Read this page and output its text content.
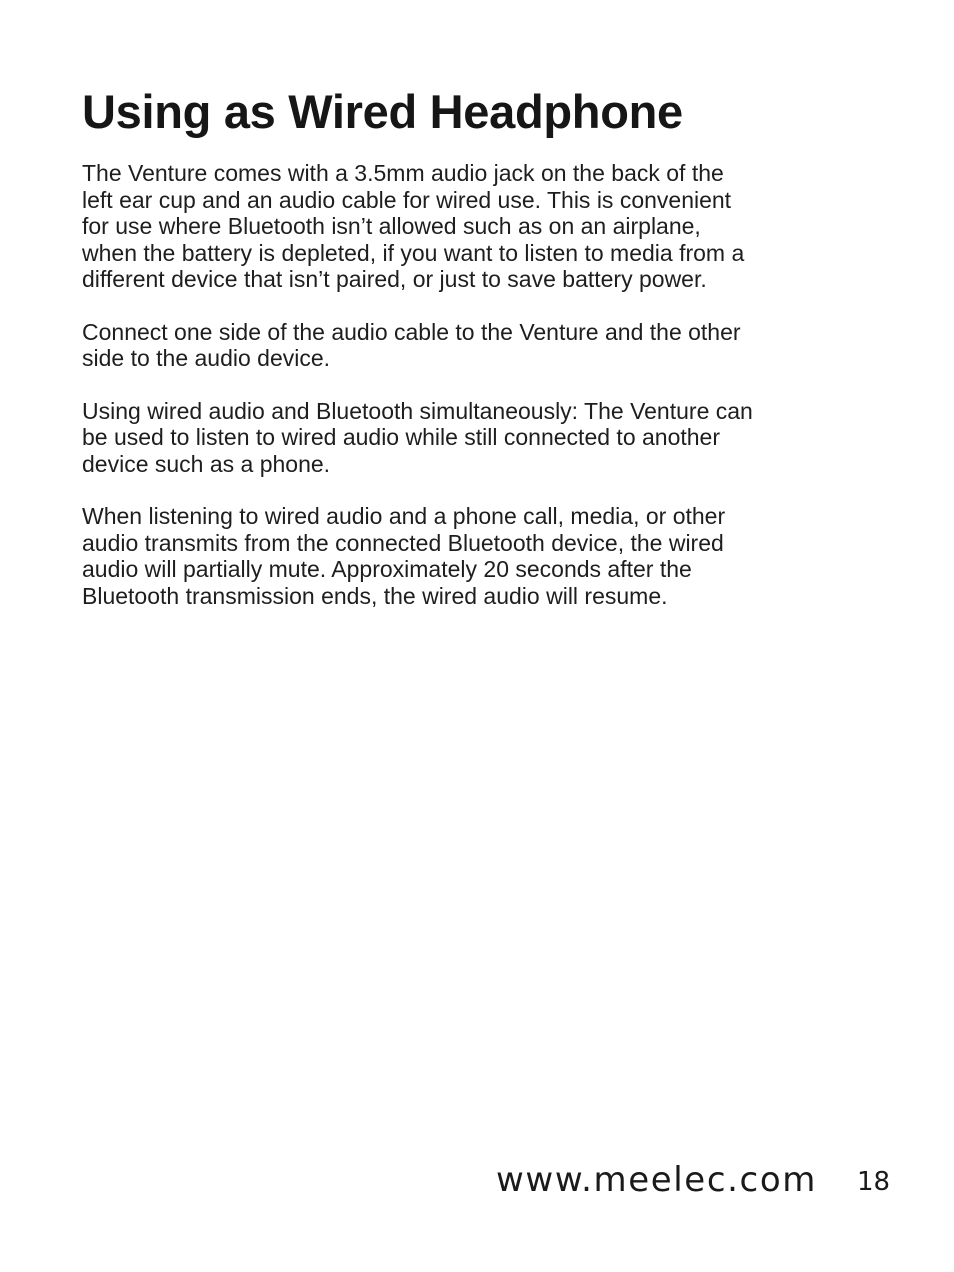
Using as Wired Headphone

The Venture comes with a 3.5mm audio jack on the back of the
left ear cup and an audio cable for wired use. This is convenient
for use where Bluetooth isn’t allowed such as on an airplane,
when the battery is depleted, if you want to listen to media from a
different device that isn’t paired, or just to save battery power.

Connect one side of the audio cable to the Venture and the other
side to the audio device.

Using wired audio and Bluetooth simultaneously: The Venture can
be used to listen to wired audio while still connected to another
device such as a phone.

When listening to wired audio and a phone call, media, or other
audio transmits from the connected Bluetooth device, the wired
audio will partially mute. Approximately 20 seconds after the
Bluetooth transmission ends, the wired audio will resume.

www.meelec.com 18
